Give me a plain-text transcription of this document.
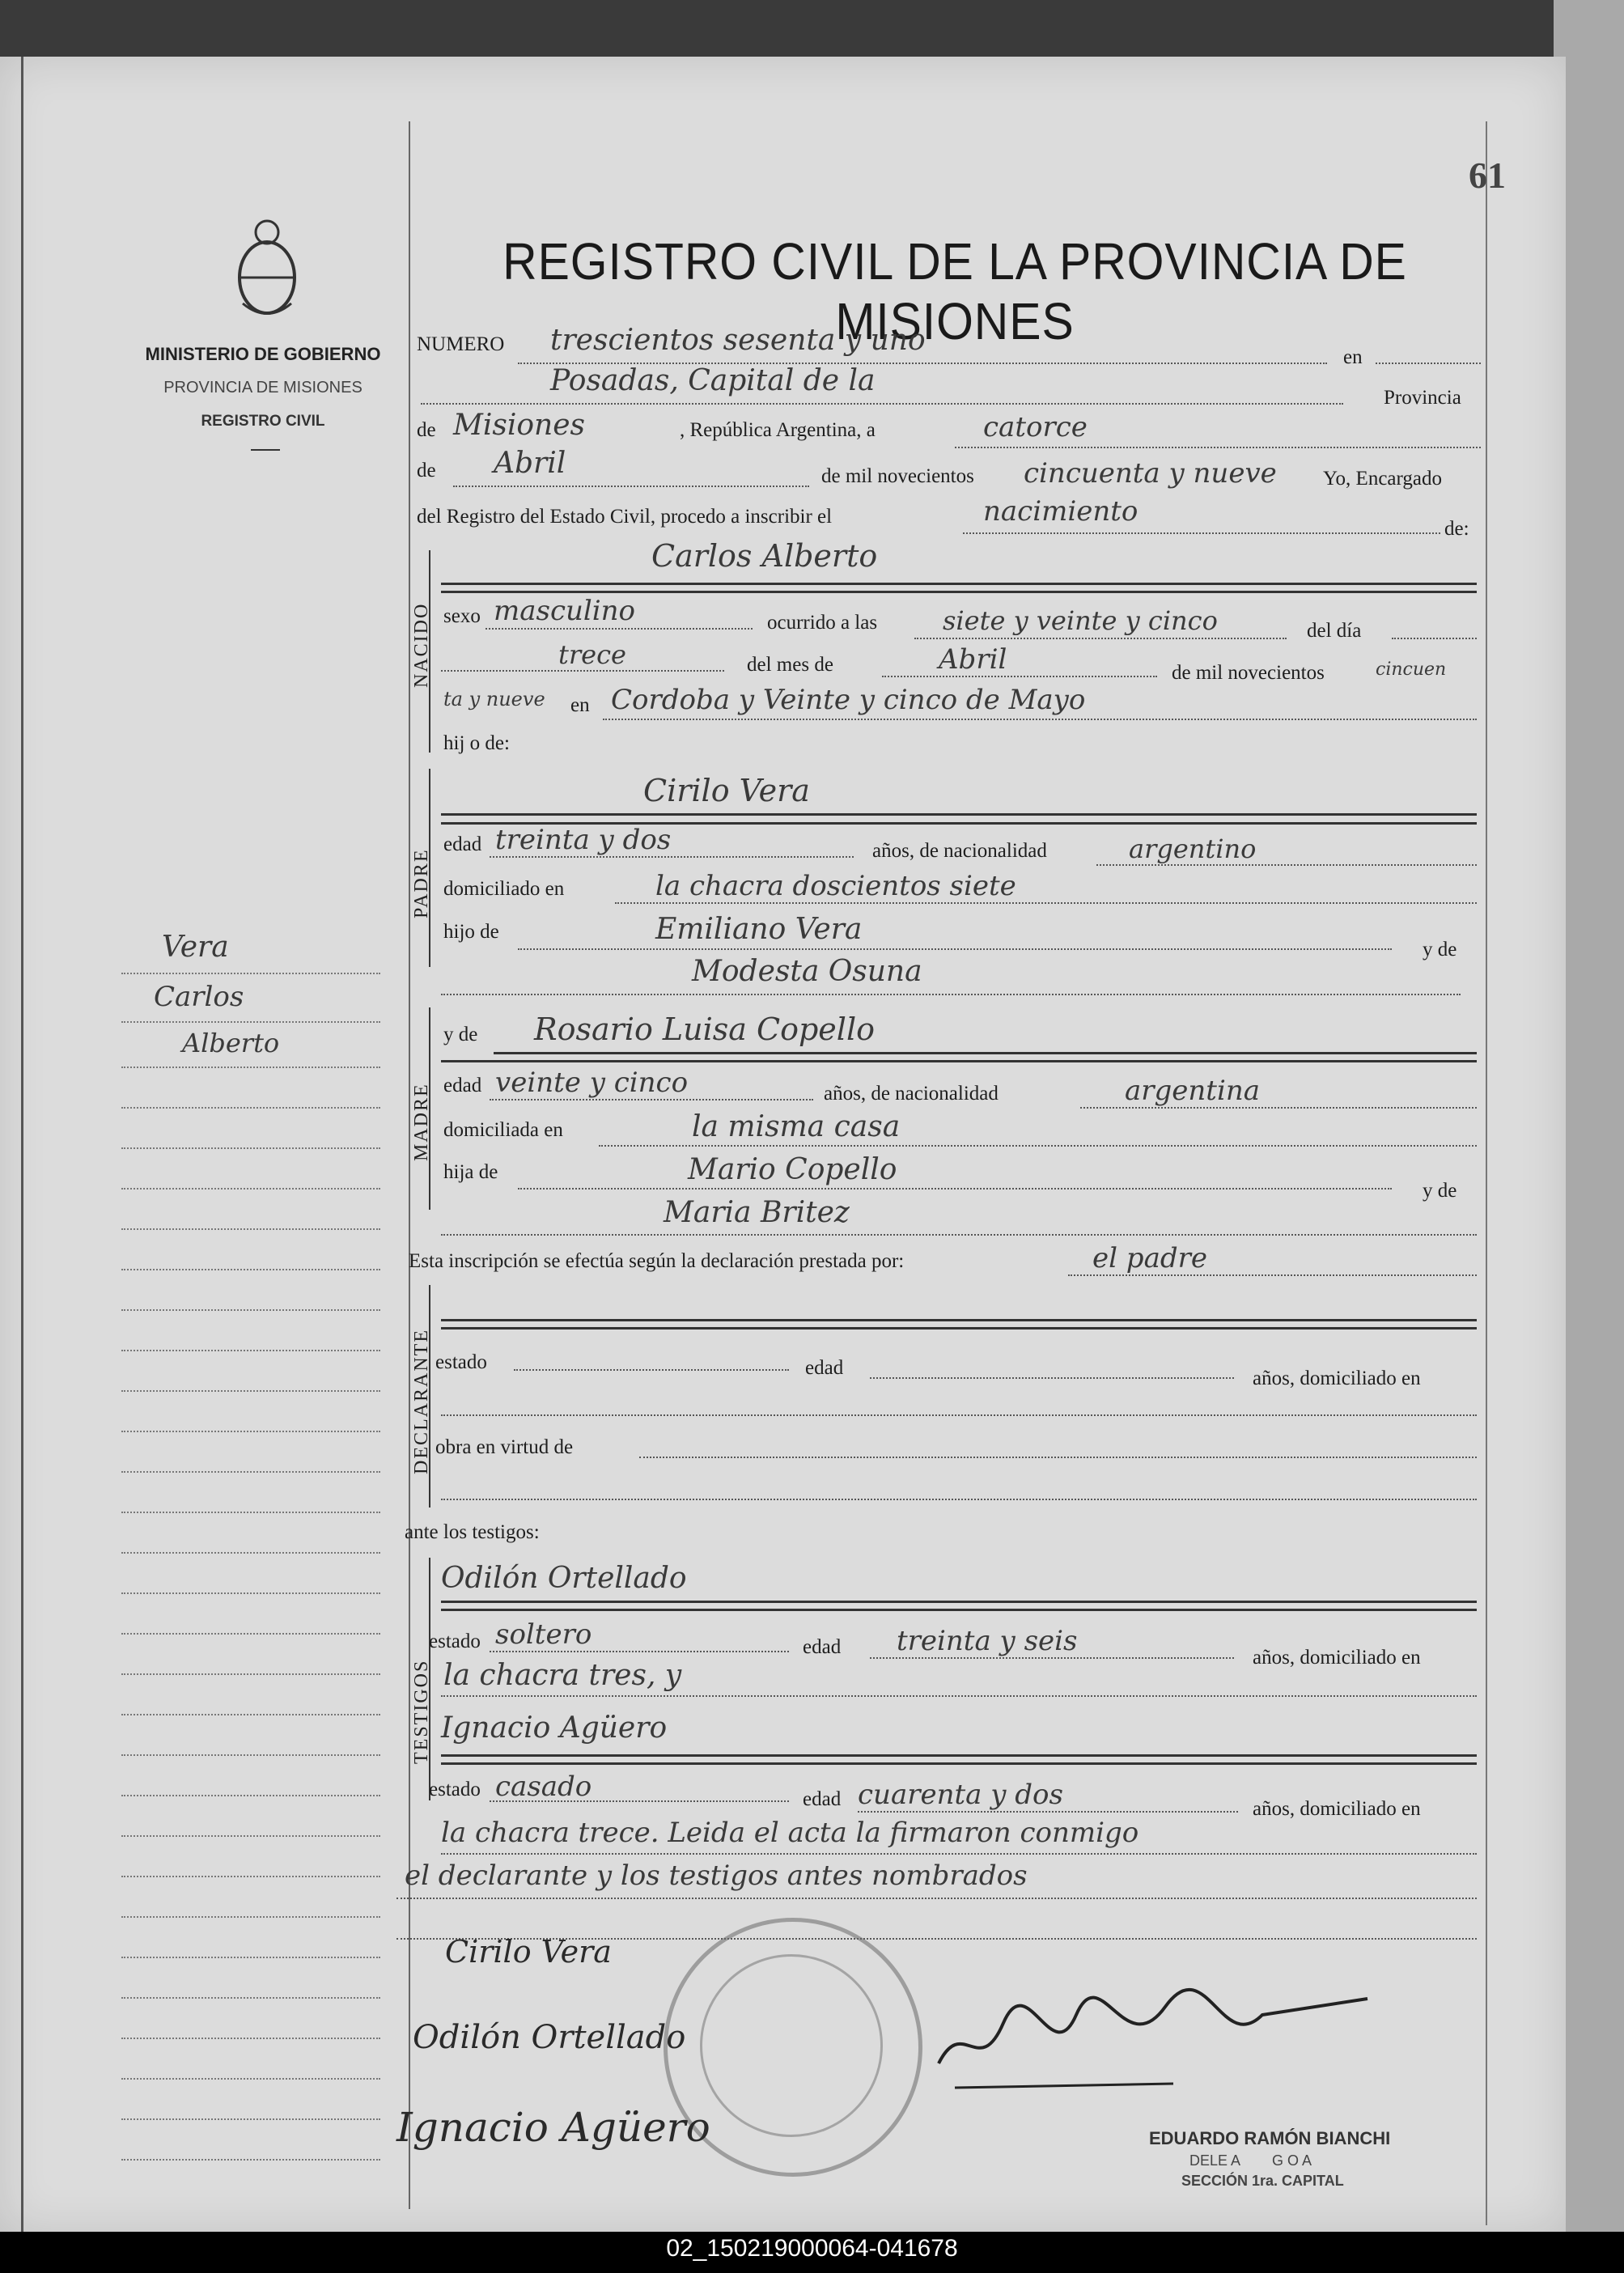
61
MINISTERIO DE GOBIERNO
PROVINCIA DE MISIONES
REGISTRO CIVIL
REGISTRO CIVIL DE LA PROVINCIA DE MISIONES
NUMERO trescientos sesenta y uno
en
Posadas, Capital de la
Provincia
de Misiones	, República Argentina, a	catorce
de Abril	de mil novecientos cincuenta y nueve Yo, Encargado
del Registro del Estado Civil, procedo a inscribir el	nacimiento
de:
NACIDO
Carlos Alberto
sexo masculino	ocurrido a las	siete y veinte y cinco	del día
trece	del mes de	Abril	de mil novecientos	cincuen
ta y nueve en Cordoba y Veinte y cinco de Mayo
hij o de:
PADRE
Cirilo Vera
edad treinta y dos	años, de nacionalidad	argentino
domiciliado en	la chacra doscientos siete
hijo de	Emiliano Vera
y de
Modesta Osuna
MADRE
y de Rosario Luisa Copello
edad veinte y cinco	años, de nacionalidad	argentina
domiciliada en	la misma casa
hija de	Mario Copello
y de
Maria Britez
Esta inscripción se efectúa según la declaración prestada por:	el padre
DECLARANTE estado	edad	años, domiciliado en
obra en virtud de
ante los testigos:
TESTIGOS
Odilón Ortellado
estado soltero	edad treinta y seis
años, domiciliado en
la chacra tres, y
Ignacio Agüero
estado casado	edad cuarenta y dos	años, domiciliado en
la chacra trece. Leida el acta la firmaron conmigo
el declarante y los testigos antes nombrados
Cirilo Vera
Odilón Ortellado
Ignacio Agüero	EDUARDO RAMÓN BIANCHI
DELE A        G O A
SECCIÓN 1ra. CAPITAL
Vera
Carlos
Alberto
02_150219000064-041678
